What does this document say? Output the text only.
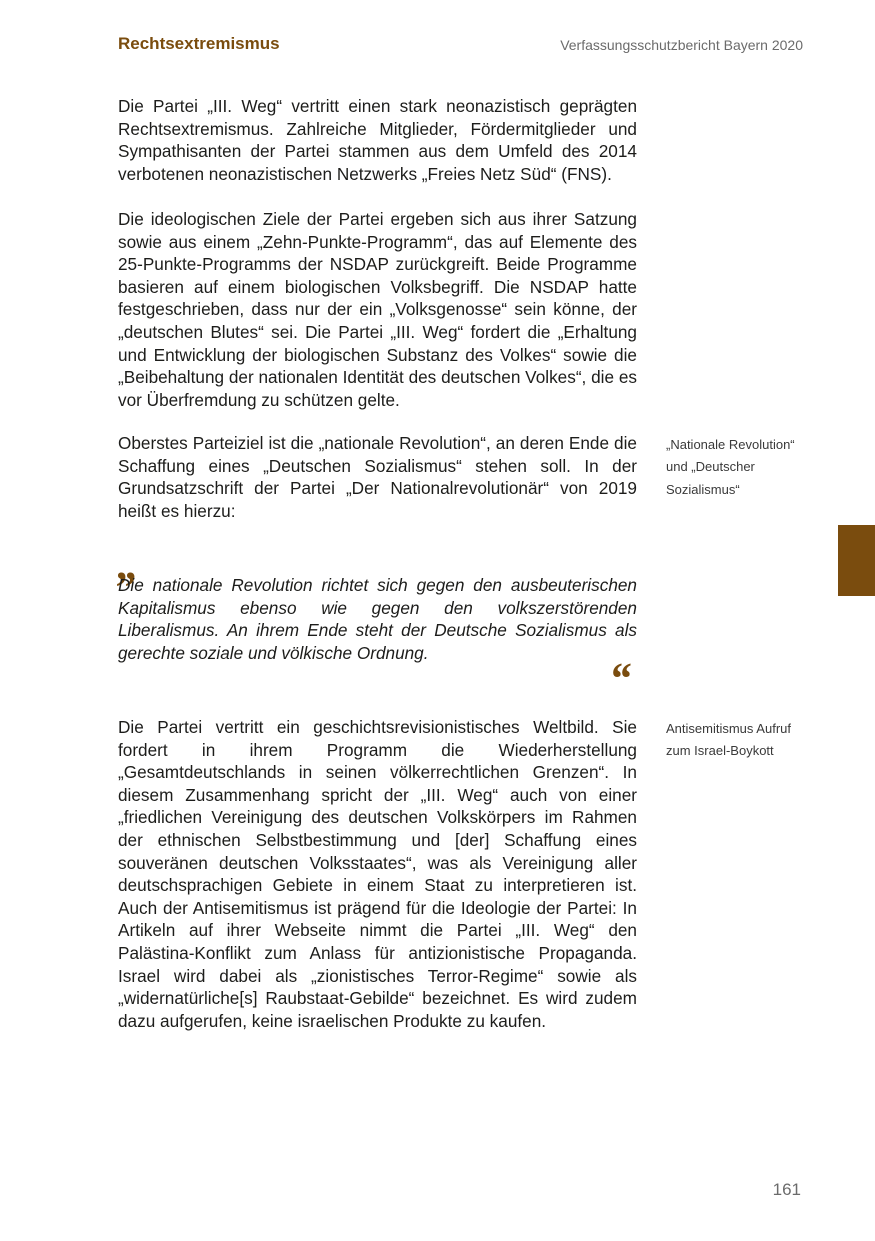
Rechtsextremismus	Verfassungsschutzbericht Bayern 2020

Die Partei „III. Weg“ vertritt einen stark neonazistisch geprägten Rechtsextremismus. Zahlreiche Mitglieder, Fördermitglieder und Sympathisanten der Partei stammen aus dem Umfeld des 2014 verbotenen neonazistischen Netzwerks „Freies Netz Süd“ (FNS).

Die ideologischen Ziele der Partei ergeben sich aus ihrer Satzung sowie aus einem „Zehn-Punkte-Programm“, das auf Elemente des 25-Punkte-Programms der NSDAP zurückgreift. Beide Programme basieren auf einem biologischen Volksbegriff. Die NSDAP hatte festgeschrieben, dass nur der ein „Volksgenosse“ sein könne, der „deutschen Blutes“ sei. Die Partei „III. Weg“ fordert die „Erhaltung und Entwicklung der biologischen Substanz des Volkes“ sowie die „Beibehaltung der nationalen Identität des deutschen Volkes“, die es vor Überfremdung zu schützen gelte.

Oberstes Parteiziel ist die „nationale Revolution“, an deren Ende die Schaffung eines „Deutschen Sozialismus“ stehen soll. In der Grundsatzschrift der Partei „Der Nationalrevolutionär“ von 2019 heißt es hierzu:

„

Die nationale Revolution richtet sich gegen den ausbeuterischen Kapitalismus ebenso wie gegen den volkszerstörenden Liberalismus. An ihrem Ende steht der Deutsche Sozialismus als gerechte soziale und völkische Ordnung.

“

Die Partei vertritt ein geschichtsrevisionistisches Weltbild. Sie fordert in ihrem Programm die Wiederherstellung „Gesamtdeutschlands in seinen völkerrechtlichen Grenzen“. In diesem Zusammenhang spricht der „III. Weg“ auch von einer „friedlichen Vereinigung des deutschen Volkskörpers im Rahmen der ethnischen Selbstbestimmung und [der] Schaffung eines souveränen deutschen Volksstaates“, was als Vereinigung aller deutschsprachigen Gebiete in einem Staat zu interpretieren ist. Auch der Antisemitismus ist prägend für die Ideologie der Partei: In Artikeln auf ihrer Webseite nimmt die Partei „III. Weg“ den Palästina-Konflikt zum Anlass für antizionistische Propaganda. Israel wird dabei als „zionistisches Terror-Regime“ sowie als „widernatürliche[s] Raubstaat-Gebilde“ bezeichnet. Es wird zudem dazu aufgerufen, keine israelischen Produkte zu kaufen.

„Nationale Revolution“ und „Deutscher Sozialismus“
Antisemitismus Aufruf zum Israel-Boykott
161
